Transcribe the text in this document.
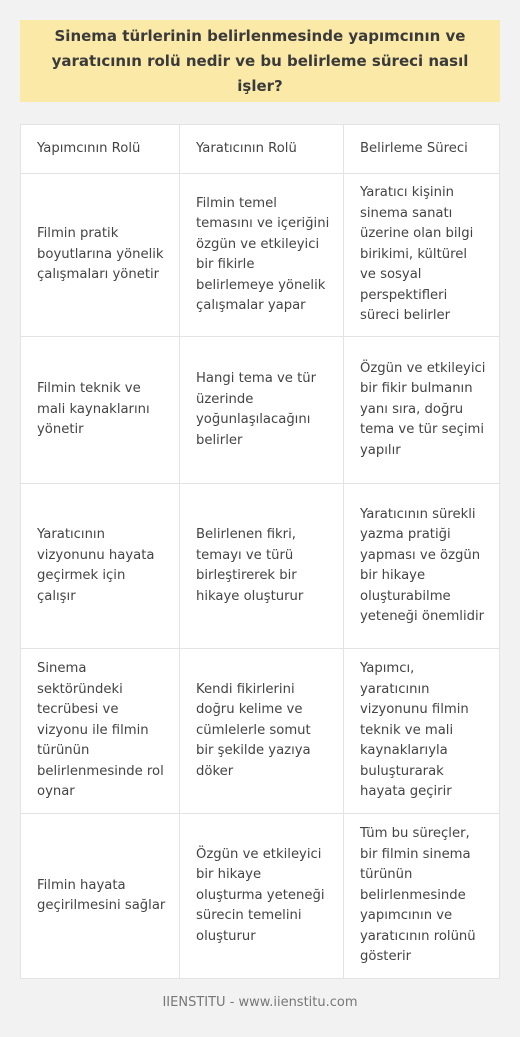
Sinema türlerinin belirlenmesinde yapımcının ve yaratıcının rolü nedir ve bu belirleme süreci nasıl işler?
Yapımcının Rolü	Yaratıcının Rolü	Belirleme Süreci
Filmin pratik boyutlarına yönelik çalışmaları yönetir
Filmin temel temasını ve içeriğini özgün ve etkileyici bir fikirle belirlemeye yönelik çalışmalar yapar
Yaratıcı kişinin sinema sanatı üzerine olan bilgi birikimi, kültürel ve sosyal perspektifleri süreci belirler
Filmin teknik ve mali kaynaklarını yönetir
Hangi tema ve tür üzerinde yoğunlaşılacağını belirler
Özgün ve etkileyici bir fikir bulmanın yanı sıra, doğru tema ve tür seçimi yapılır
Yaratıcının vizyonunu hayata geçirmek için çalışır
Belirlenen fikri, temayı ve türü birleştirerek bir hikaye oluşturur
Yaratıcının sürekli yazma pratiği yapması ve özgün bir hikaye oluşturabilme yeteneği önemlidir
Sinema sektöründeki tecrübesi ve vizyonu ile filmin türünün belirlenmesinde rol oynar
Kendi fikirlerini doğru kelime ve cümlelerle somut bir şekilde yazıya döker
Yapımcı, yaratıcının vizyonunu filmin teknik ve mali kaynaklarıyla buluşturarak hayata geçirir
Filmin hayata geçirilmesini sağlar
Özgün ve etkileyici bir hikaye oluşturma yeteneği sürecin temelini oluşturur
Tüm bu süreçler, bir filmin sinema türünün belirlenmesinde yapımcının ve yaratıcının rolünü gösterir
IIENSTITU - www.iienstitu.com
